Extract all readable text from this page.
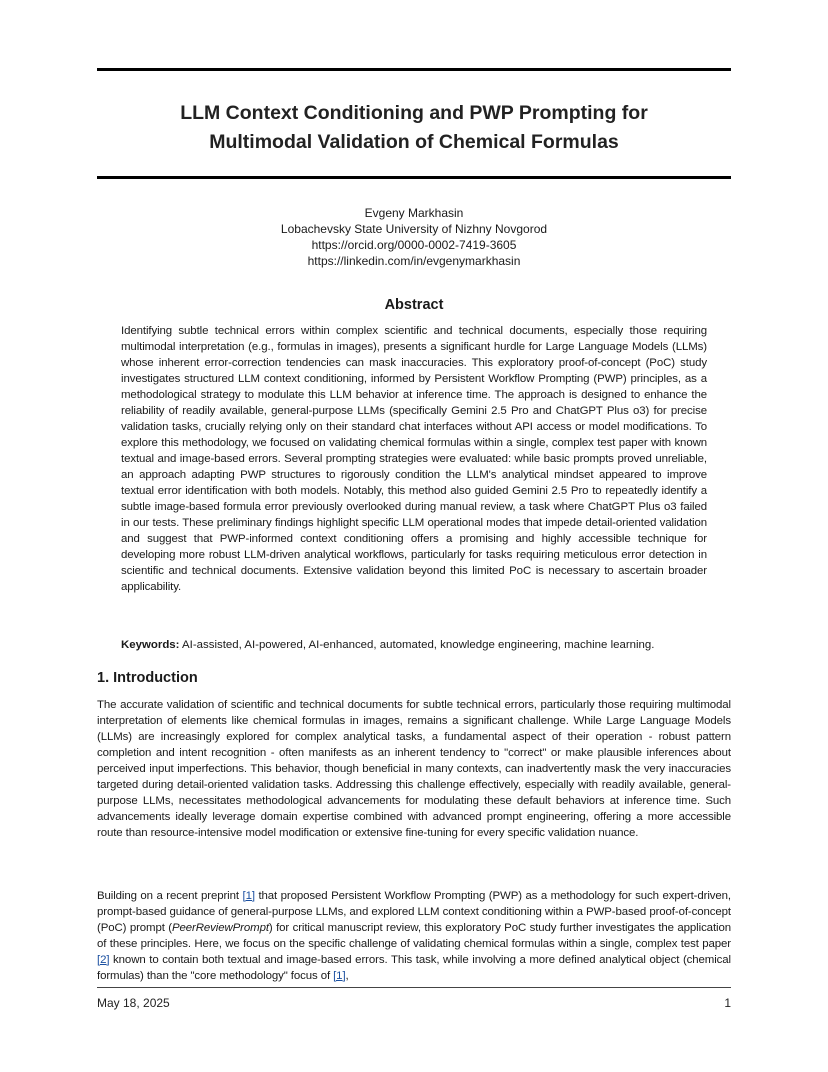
LLM Context Conditioning and PWP Prompting for
Multimodal Validation of Chemical Formulas
Evgeny Markhasin
Lobachevsky State University of Nizhny Novgorod
https://orcid.org/0000-0002-7419-3605
https://linkedin.com/in/evgenymarkhasin
Abstract

Identifying subtle technical errors within complex scientific and technical documents, especially those requiring multimodal interpretation (e.g., formulas in images), presents a significant hurdle for Large Language Models (LLMs) whose inherent error-correction tendencies can mask inaccuracies. This exploratory proof-of-concept (PoC) study investigates structured LLM context conditioning, informed by Persistent Workflow Prompting (PWP) principles, as a methodological strategy to modulate this LLM behavior at inference time. The approach is designed to enhance the reliability of readily available, general-purpose LLMs (specifically Gemini 2.5 Pro and ChatGPT Plus o3) for precise validation tasks, crucially relying only on their standard chat interfaces without API access or model modifications. To explore this methodology, we focused on validating chemical formulas within a single, complex test paper with known textual and image-based errors. Several prompting strategies were evaluated: while basic prompts proved unreliable, an approach adapting PWP structures to rigorously condition the LLM's analytical mindset appeared to improve textual error identification with both models. Notably, this method also guided Gemini 2.5 Pro to repeatedly identify a subtle image-based formula error previously overlooked during manual review, a task where ChatGPT Plus o3 failed in our tests. These preliminary findings highlight specific LLM operational modes that impede detail-oriented validation and suggest that PWP-informed context conditioning offers a promising and highly accessible technique for developing more robust LLM-driven analytical workflows, particularly for tasks requiring meticulous error detection in scientific and technical documents. Extensive validation beyond this limited PoC is necessary to ascertain broader applicability.

Keywords: AI-assisted, AI-powered, AI-enhanced, automated, knowledge engineering, machine learning.

1. Introduction

The accurate validation of scientific and technical documents for subtle technical errors, particularly those requiring multimodal interpretation of elements like chemical formulas in images, remains a significant challenge. While Large Language Models (LLMs) are increasingly explored for complex analytical tasks, a fundamental aspect of their operation - robust pattern completion and intent recognition - often manifests as an inherent tendency to "correct" or make plausible inferences about perceived input imperfections. This behavior, though beneficial in many contexts, can inadvertently mask the very inaccuracies targeted during detail-oriented validation tasks. Addressing this challenge effectively, especially with readily available, general-purpose LLMs, necessitates methodological advancements for modulating these default behaviors at inference time. Such advancements ideally leverage domain expertise combined with advanced prompt engineering, offering a more accessible route than resource-intensive model modification or extensive fine-tuning for every specific validation nuance.

Building on a recent preprint [1] that proposed Persistent Workflow Prompting (PWP) as a methodology for such expert-driven, prompt-based guidance of general-purpose LLMs, and explored LLM context conditioning within a PWP-based proof-of-concept (PoC) prompt (PeerReviewPrompt) for critical manuscript review, this exploratory PoC study further investigates the application of these principles. Here, we focus on the specific challenge of validating chemical formulas within a single, complex test paper [2] known to contain both textual and image-based errors. This task, while involving a more defined analytical object (chemical formulas) than the "core methodology" focus of [1],

May 18, 2025	1
